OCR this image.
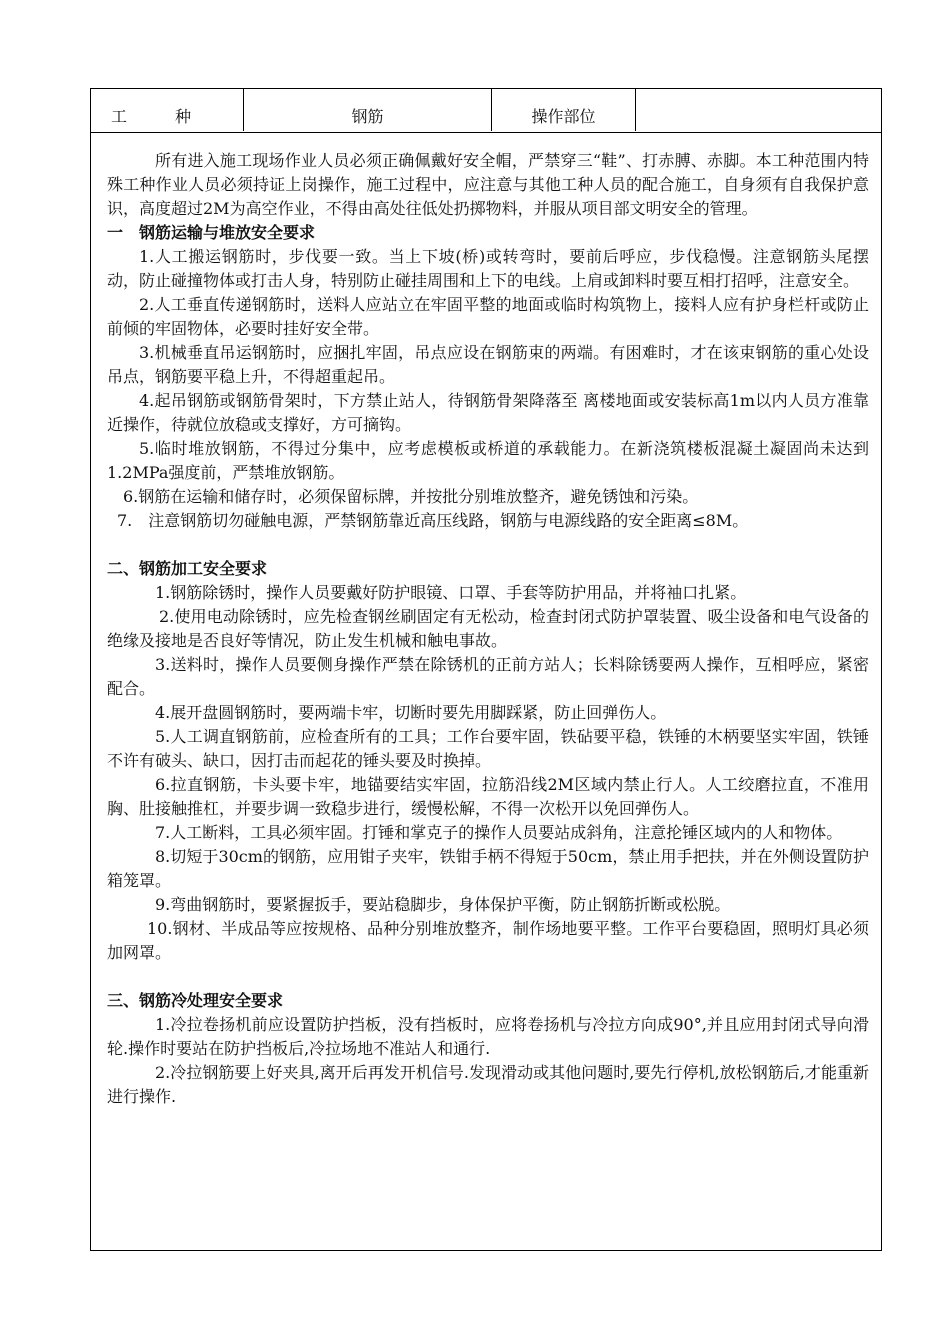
工　　　种	钢筋	操作部位

所有进入施工现场作业人员必须正确佩戴好安全帽，严禁穿三“鞋”、打赤膊、赤脚。本工种范围内特殊工种作业人员必须持证上岗操作，施工过程中，应注意与其他工种人员的配合施工，自身须有自我保护意识，高度超过2M为高空作业，不得由高处往低处扔掷物料，并服从项目部文明安全的管理。

一　钢筋运输与堆放安全要求

1.人工搬运钢筋时，步伐要一致。当上下坡(桥)或转弯时，要前后呼应，步伐稳慢。注意钢筋头尾摆动，防止碰撞物体或打击人身，特别防止碰挂周围和上下的电线。上肩或卸料时要互相打招呼，注意安全。

2.人工垂直传递钢筋时，送料人应站立在牢固平整的地面或临时构筑物上，接料人应有护身栏杆或防止前倾的牢固物体，必要时挂好安全带。

3.机械垂直吊运钢筋时，应捆扎牢固，吊点应设在钢筋束的两端。有困难时，才在该束钢筋的重心处设吊点，钢筋要平稳上升，不得超重起吊。

4.起吊钢筋或钢筋骨架时，下方禁止站人，待钢筋骨架降落至 离楼地面或安装标高1m以内人员方准靠近操作，待就位放稳或支撑好，方可摘钩。

5.临时堆放钢筋，不得过分集中，应考虑模板或桥道的承载能力。在新浇筑楼板混凝土凝固尚未达到1.2MPa强度前，严禁堆放钢筋。

6.钢筋在运输和储存时，必须保留标牌，并按批分别堆放整齐，避免锈蚀和污染。

7.　注意钢筋切勿碰触电源，严禁钢筋靠近高压线路，钢筋与电源线路的安全距离≤8M。

二、钢筋加工安全要求

1.钢筋除锈时，操作人员要戴好防护眼镜、口罩、手套等防护用品，并将袖口扎紧。

2.使用电动除锈时，应先检查钢丝刷固定有无松动，检查封闭式防护罩装置、吸尘设备和电气设备的绝缘及接地是否良好等情况，防止发生机械和触电事故。

3.送料时，操作人员要侧身操作严禁在除锈机的正前方站人；长料除锈要两人操作，互相呼应，紧密配合。

4.展开盘圆钢筋时，要两端卡牢，切断时要先用脚踩紧，防止回弹伤人。

5.人工调直钢筋前，应检查所有的工具；工作台要牢固，铁砧要平稳，铁锤的木柄要坚实牢固，铁锤不许有破头、缺口，因打击而起花的锤头要及时换掉。

6.拉直钢筋，卡头要卡牢，地锚要结实牢固，拉筋沿线2M区域内禁止行人。人工绞磨拉直，不准用胸、肚接触推杠，并要步调一致稳步进行，缓慢松解，不得一次松开以免回弹伤人。

7.人工断料，工具必须牢固。打锤和掌克子的操作人员要站成斜角，注意抡锤区域内的人和物体。

8.切短于30cm的钢筋，应用钳子夹牢，铁钳手柄不得短于50cm，禁止用手把扶，并在外侧设置防护箱笼罩。

9.弯曲钢筋时，要紧握扳手，要站稳脚步，身体保护平衡，防止钢筋折断或松脱。

10.钢材、半成品等应按规格、品种分别堆放整齐，制作场地要平整。工作平台要稳固，照明灯具必须加网罩。

三、钢筋冷处理安全要求

1.冷拉卷扬机前应设置防护挡板，没有挡板时，应将卷扬机与冷拉方向成90°,并且应用封闭式导向滑轮.操作时要站在防护挡板后,冷拉场地不准站人和通行.

2.冷拉钢筋要上好夹具,离开后再发开机信号.发现滑动或其他问题时,要先行停机,放松钢筋后,才能重新进行操作.
